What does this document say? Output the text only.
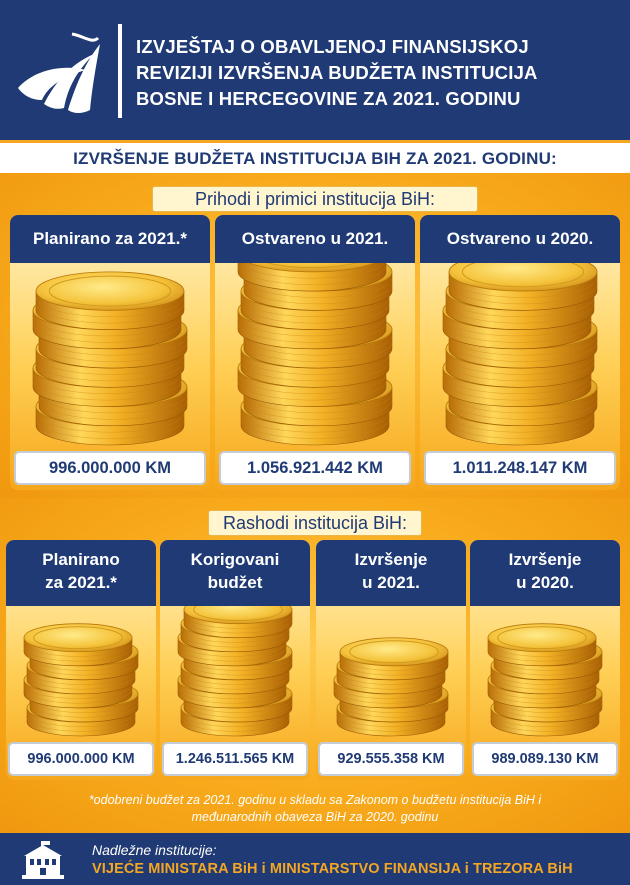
IZVJEŠTAJ O OBAVLJENOJ FINANSIJSKOJ
REVIZIJI IZVRŠENJA BUDŽETA INSTITUCIJA
BOSNE I HERCEGOVINE ZA 2021. GODINU
IZVRŠENJE BUDŽETA INSTITUCIJA BIH ZA 2021. GODINU:
Prihodi i primici institucija BiH:
Planirano za 2021.*
996.000.000 KM
Ostvareno u 2021.
1.056.921.442 KM
Ostvareno u 2020.
1.011.248.147 KM
Rashodi institucija BiH:
Planirano
za 2021.*
996.000.000 KM
Korigovani
budžet
1.246.511.565 KM
Izvršenje
u 2021.
929.555.358 KM
Izvršenje
u 2020.
989.089.130 KM
*odobreni budžet za 2021. godinu u skladu sa Zakonom o budžetu institucija BiH i
međunarodnih obaveza BiH za 2020. godinu
Nadležne institucije:
VIJEĆE MINISTARA BiH i MINISTARSTVO FINANSIJA i TREZORA BiH
